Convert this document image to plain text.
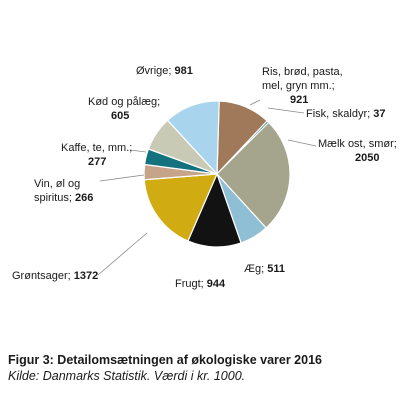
Ris, brød, pasta,
mel, gryn mm.;
921
Fisk, skaldyr; 37
Mælk ost, smør;
2050
Æg; 511
Frugt; 944
Grøntsager; 1372
Vin, øl og
spiritus; 266
Kaffe, te, mm.;
277
Kød og pålæg;
605
Øvrige; 981
Figur 3: Detailomsætningen af økologiske varer 2016
Kilde: Danmarks Statistik. Værdi i kr. 1000.
